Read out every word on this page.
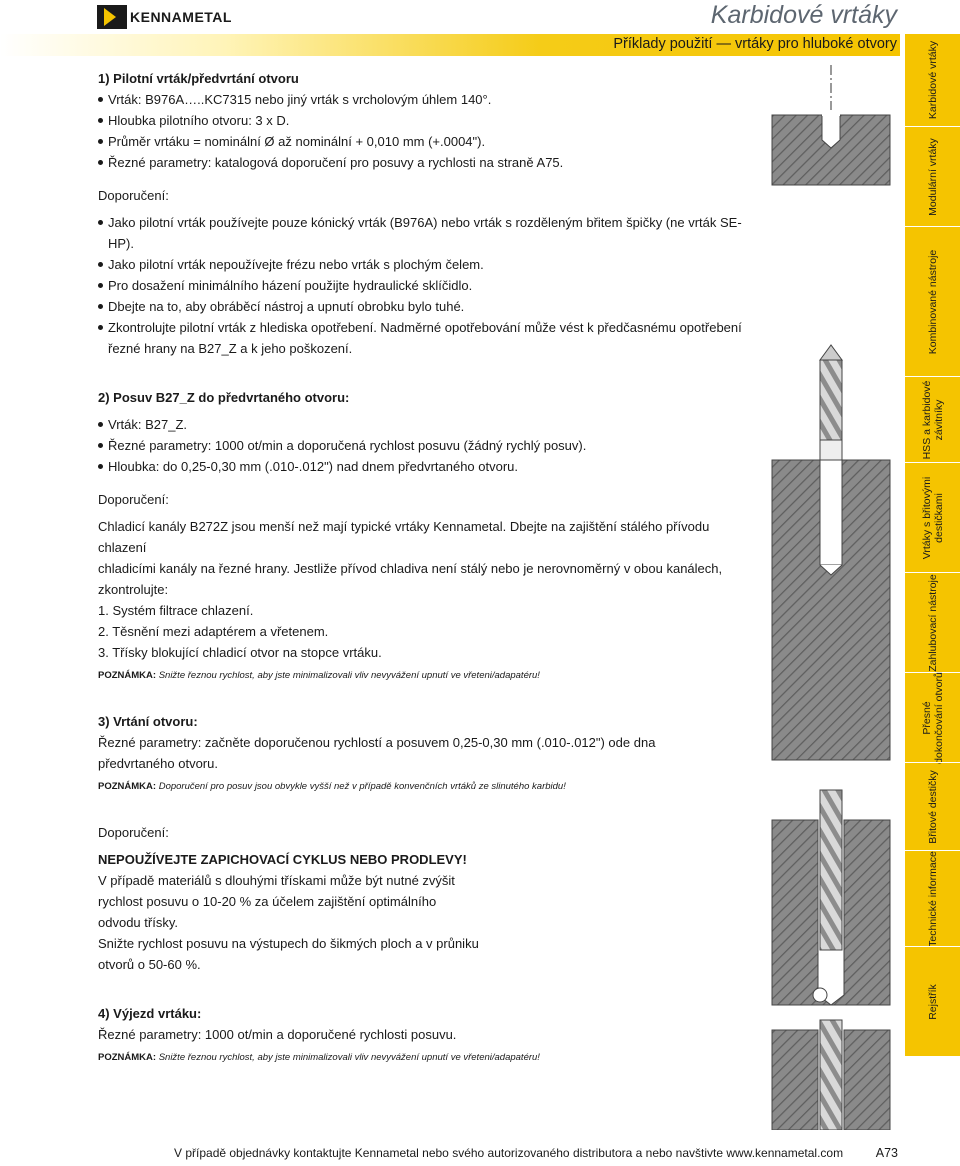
KENNAMETAL	Karbidové vrtáky
Příklady použití — vrtáky pro hluboké otvory	Karbidové vrtáky
Modulární vrtáky
Kombinované nástroje
HSS a karbidové
závitníky
Vrtáky s břitovými
destičkami
Zahlubovací nástroje
Přesné
dokončování otvorů
Břitové destičky
Technické informace
Rejstřík
1) Pilotní vrták/předvrtání otvoru
Vrták: B976A…..KC7315 nebo jiný vrták s vrcholovým úhlem 140°.
Hloubka pilotního otvoru: 3 x D.
Průměr vrtáku = nominální Ø až nominální + 0,010 mm (+.0004").
Řezné parametry: katalogová doporučení pro posuvy a rychlosti na straně A75.
Doporučení:
Jako pilotní vrták používejte pouze kónický vrták (B976A) nebo vrták s rozděleným břitem špičky (ne vrták SE-HP).
Jako pilotní vrták nepoužívejte frézu nebo vrták s plochým čelem.
Pro dosažení minimálního házení použijte hydraulické sklíčidlo.
Dbejte na to, aby obráběcí nástroj a upnutí obrobku bylo tuhé.
Zkontrolujte pilotní vrták z hlediska opotřebení. Nadměrné opotřebování může vést k předčasnému opotřebení
řezné hrany na B27_Z a k jeho poškození.
2) Posuv B27_Z do předvrtaného otvoru:
Vrták: B27_Z.
Řezné parametry: 1000 ot/min a doporučená rychlost posuvu (žádný rychlý posuv).
Hloubka: do 0,25-0,30 mm (.010-.012") nad dnem předvrtaného otvoru.
Doporučení:
Chladicí kanály B272Z jsou menší než mají typické vrtáky Kennametal. Dbejte na zajištění stálého přívodu chlazení
chladicími kanály na řezné hrany. Jestliže přívod chladiva není stálý nebo je nerovnoměrný v obou kanálech,
zkontrolujte:
1. Systém filtrace chlazení.
2. Těsnění mezi adaptérem a vřetenem.
3. Třísky blokující chladicí otvor na stopce vrtáku.
POZNÁMKA: Snižte řeznou rychlost, aby jste minimalizovali vliv nevyvážení upnutí ve vřeteni/adapatéru!
3) Vrtání otvoru:
Řezné parametry: začněte doporučenou rychlostí a posuvem 0,25-0,30 mm (.010-.012") ode dna
předvrtaného otvoru.
POZNÁMKA: Doporučení pro posuv jsou obvykle vyšší než v případě konvenčních vrtáků ze slinutého karbidu!
Doporučení:
NEPOUŽÍVEJTE ZAPICHOVACÍ CYKLUS NEBO PRODLEVY!
V případě materiálů s dlouhými třískami může být nutné zvýšit
rychlost posuvu o 10-20 % za účelem zajištění optimálního
odvodu třísky.
Snižte rychlost posuvu na výstupech do šikmých ploch a v průniku
otvorů o 50-60 %.
4) Výjezd vrtáku:
Řezné parametry: 1000 ot/min a doporučené rychlosti posuvu.
POZNÁMKA: Snižte řeznou rychlost, aby jste minimalizovali vliv nevyvážení upnutí ve vřeteni/adapatéru!
V případě objednávky kontaktujte Kennametal nebo svého autorizovaného distributora a nebo navštivte www.kennametal.com	A73
